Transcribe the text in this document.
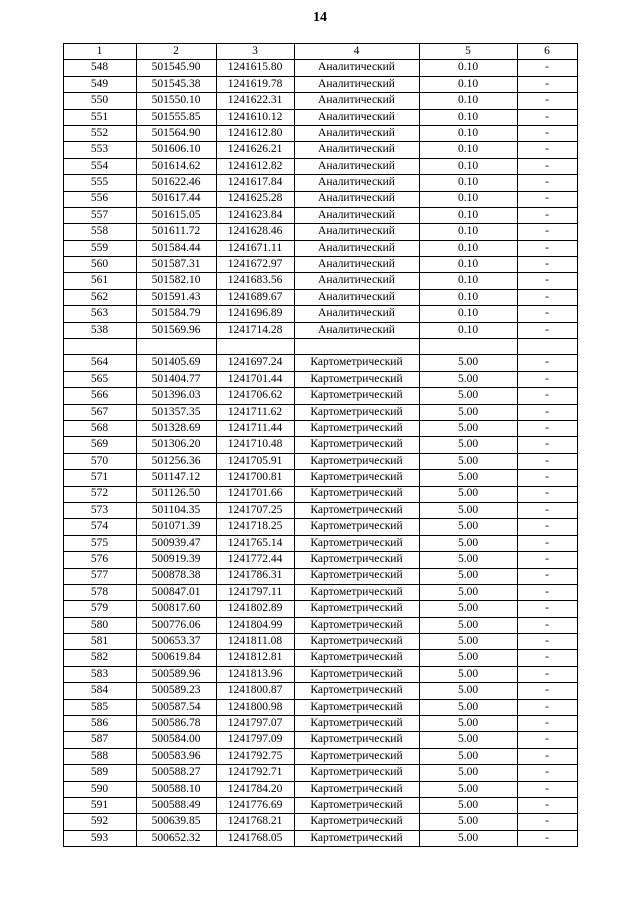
14
1	2	3	4	5	6
548	501545.90	1241615.80	Аналитический	0.10	-
549	501545.38	1241619.78	Аналитический	0.10	-
550	501550.10	1241622.31	Аналитический	0.10	-
551	501555.85	1241610.12	Аналитический	0.10	-
552	501564.90	1241612.80	Аналитический	0.10	-
553	501606.10	1241626.21	Аналитический	0.10	-
554	501614.62	1241612.82	Аналитический	0.10	-
555	501622.46	1241617.84	Аналитический	0.10	-
556	501617.44	1241625.28	Аналитический	0.10	-
557	501615.05	1241623.84	Аналитический	0.10	-
558	501611.72	1241628.46	Аналитический	0.10	-
559	501584.44	1241671.11	Аналитический	0.10	-
560	501587.31	1241672.97	Аналитический	0.10	-
561	501582.10	1241683.56	Аналитический	0.10	-
562	501591.43	1241689.67	Аналитический	0.10	-
563	501584.79	1241696.89	Аналитический	0.10	-
538	501569.96	1241714.28	Аналитический	0.10	-

564	501405.69	1241697.24	Картометрический	5.00	-
565	501404.77	1241701.44	Картометрический	5.00	-
566	501396.03	1241706.62	Картометрический	5.00	-
567	501357.35	1241711.62	Картометрический	5.00	-
568	501328.69	1241711.44	Картометрический	5.00	-
569	501306.20	1241710.48	Картометрический	5.00	-
570	501256.36	1241705.91	Картометрический	5.00	-
571	501147.12	1241700.81	Картометрический	5.00	-
572	501126.50	1241701.66	Картометрический	5.00	-
573	501104.35	1241707.25	Картометрический	5.00	-
574	501071.39	1241718.25	Картометрический	5.00	-
575	500939.47	1241765.14	Картометрический	5.00	-
576	500919.39	1241772.44	Картометрический	5.00	-
577	500878.38	1241786.31	Картометрический	5.00	-
578	500847.01	1241797.11	Картометрический	5.00	-
579	500817.60	1241802.89	Картометрический	5.00	-
580	500776.06	1241804.99	Картометрический	5.00	-
581	500653.37	1241811.08	Картометрический	5.00	-
582	500619.84	1241812.81	Картометрический	5.00	-
583	500589.96	1241813.96	Картометрический	5.00	-
584	500589.23	1241800.87	Картометрический	5.00	-
585	500587.54	1241800.98	Картометрический	5.00	-
586	500586.78	1241797.07	Картометрический	5.00	-
587	500584.00	1241797.09	Картометрический	5.00	-
588	500583.96	1241792.75	Картометрический	5.00	-
589	500588.27	1241792.71	Картометрический	5.00	-
590	500588.10	1241784.20	Картометрический	5.00	-
591	500588.49	1241776.69	Картометрический	5.00	-
592	500639.85	1241768.21	Картометрический	5.00	-
593	500652.32	1241768.05	Картометрический	5.00	-
